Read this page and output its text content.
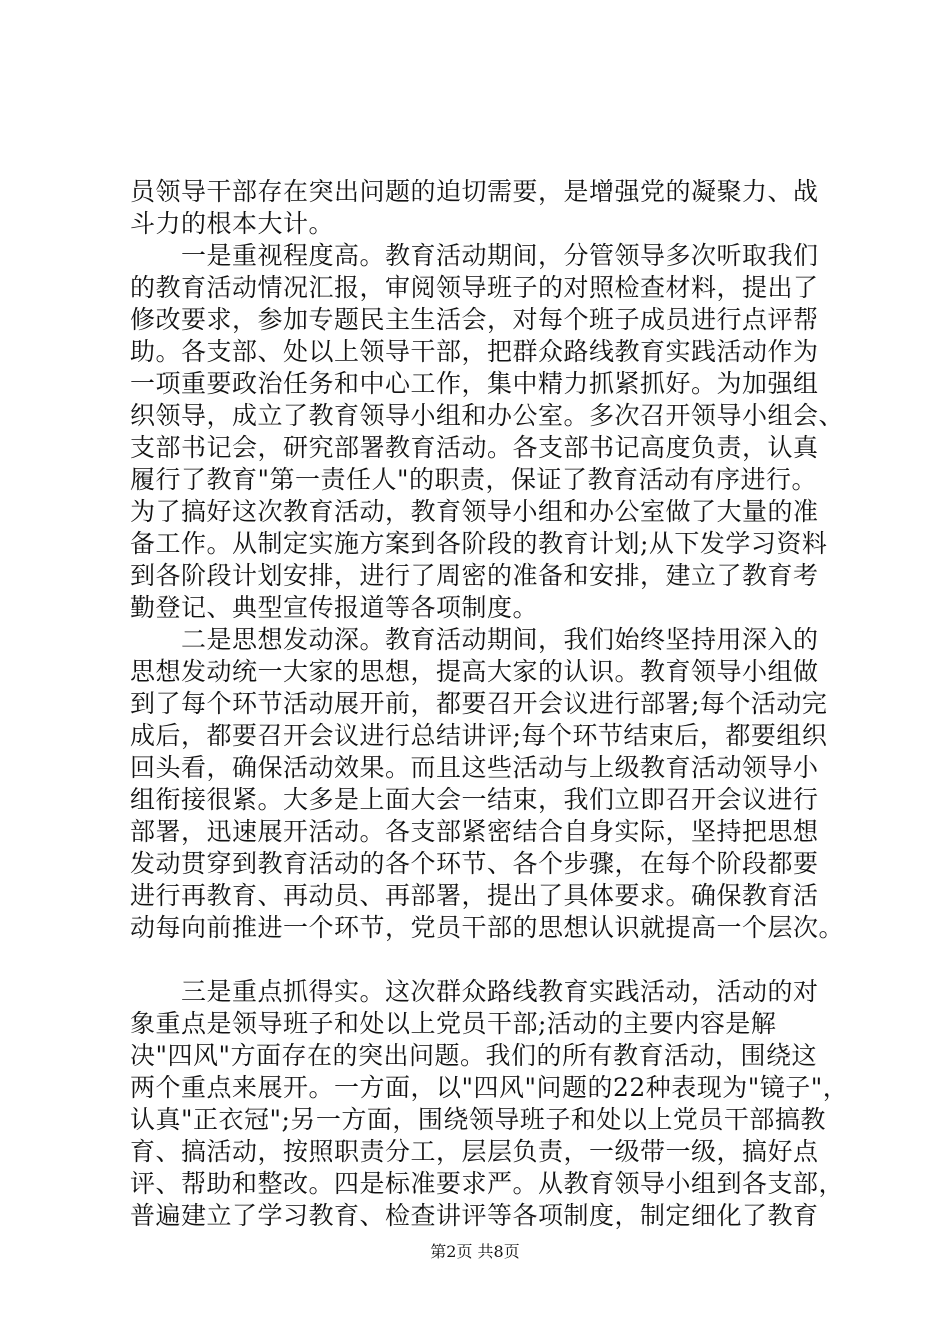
员领导干部存在突出问题的迫切需要，是增强党的凝聚力、战
斗力的根本大计。
　　一是重视程度高。教育活动期间，分管领导多次听取我们
的教育活动情况汇报，审阅领导班子的对照检查材料，提出了
修改要求，参加专题民主生活会，对每个班子成员进行点评帮
助。各支部、处以上领导干部，把群众路线教育实践活动作为
一项重要政治任务和中心工作，集中精力抓紧抓好。为加强组
织领导，成立了教育领导小组和办公室。多次召开领导小组会、
支部书记会，研究部署教育活动。各支部书记高度负责，认真
履行了教育"第一责任人"的职责，保证了教育活动有序进行。
为了搞好这次教育活动，教育领导小组和办公室做了大量的准
备工作。从制定实施方案到各阶段的教育计划;从下发学习资料
到各阶段计划安排，进行了周密的准备和安排，建立了教育考
勤登记、典型宣传报道等各项制度。
　　二是思想发动深。教育活动期间，我们始终坚持用深入的
思想发动统一大家的思想，提高大家的认识。教育领导小组做
到了每个环节活动展开前，都要召开会议进行部署;每个活动完
成后，都要召开会议进行总结讲评;每个环节结束后，都要组织
回头看，确保活动效果。而且这些活动与上级教育活动领导小
组衔接很紧。大多是上面大会一结束，我们立即召开会议进行
部署，迅速展开活动。各支部紧密结合自身实际，坚持把思想
发动贯穿到教育活动的各个环节、各个步骤，在每个阶段都要
进行再教育、再动员、再部署，提出了具体要求。确保教育活
动每向前推进一个环节，党员干部的思想认识就提高一个层次。
　　三是重点抓得实。这次群众路线教育实践活动，活动的对
象重点是领导班子和处以上党员干部;活动的主要内容是解
决"四风"方面存在的突出问题。我们的所有教育活动，围绕这
两个重点来展开。一方面，以"四风"问题的22种表现为"镜子"，
认真"正衣冠";另一方面，围绕领导班子和处以上党员干部搞教
育、搞活动，按照职责分工，层层负责，一级带一级，搞好点
评、帮助和整改。四是标准要求严。从教育领导小组到各支部，
普遍建立了学习教育、检查讲评等各项制度，制定细化了教育
第2页 共8页
